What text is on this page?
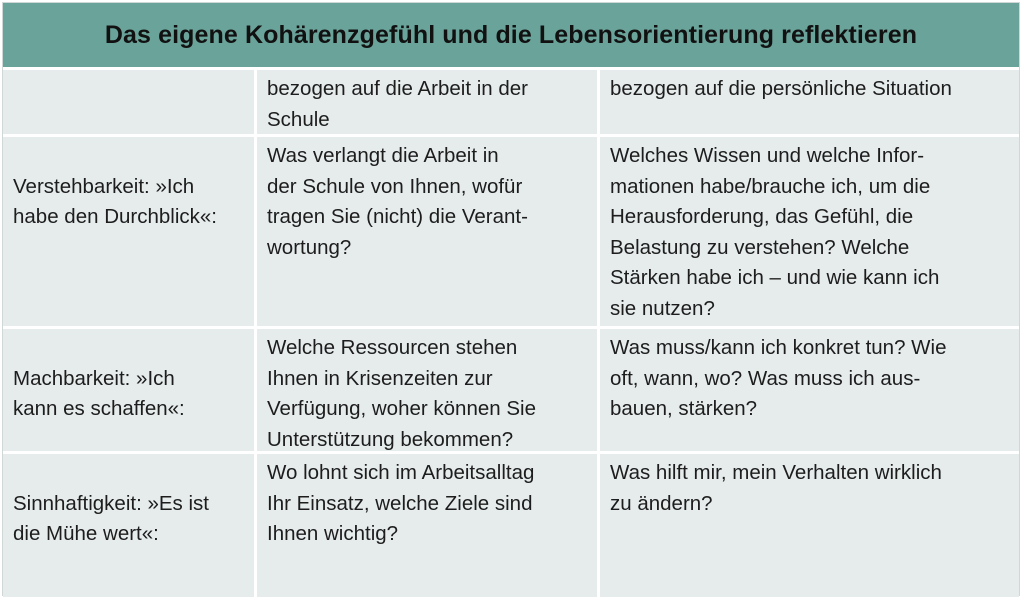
Das eigene Kohärenzgefühl und die Lebensorientierung reflektieren
bezogen auf die Arbeit in der
Schule
bezogen auf die persönliche Situation

Verstehbarkeit: »Ich
habe den Durchblick«:

Was verlangt die Arbeit in
der Schule von Ihnen, wofür
tragen Sie (nicht) die Verant-
wortung?
Welches Wissen und welche Infor-
mationen habe/brauche ich, um die
Herausforderung, das Gefühl, die
Belastung zu verstehen? Welche
Stärken habe ich – und wie kann ich
sie nutzen?

Machbarkeit: »Ich
kann es schaffen«:

Welche Ressourcen stehen
Ihnen in Krisenzeiten zur
Verfügung, woher können Sie
Unterstützung bekommen?
Was muss/kann ich konkret tun? Wie
oft, wann, wo? Was muss ich aus-
bauen, stärken?

Sinnhaftigkeit: »Es ist
die Mühe wert«:

Wo lohnt sich im Arbeitsalltag
Ihr Einsatz, welche Ziele sind
Ihnen wichtig?
Was hilft mir, mein Verhalten wirklich
zu ändern?
